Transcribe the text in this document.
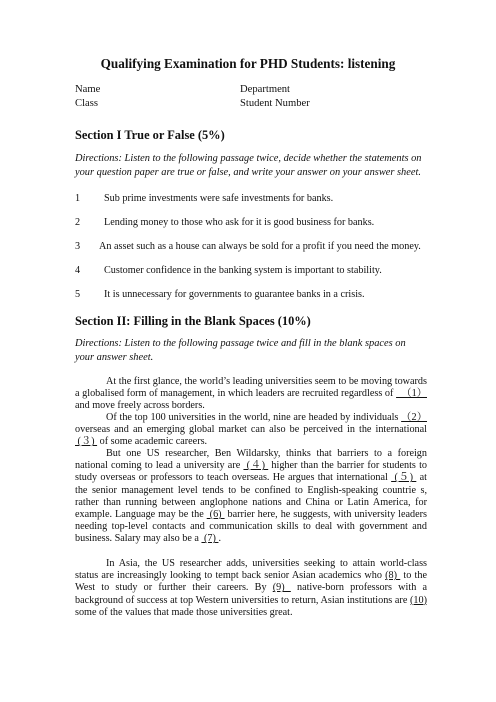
Qualifying Examination for PHD Students: listening
Name	Department
Class	Student Number
Section I True or False (5%)

Directions: Listen to the following passage twice, decide whether the statements on your question paper are true or false, and write your answer on your answer sheet.

1 Sub prime investments were safe investments for banks.
2 Lending money to those who ask for it is good business for banks.
3 An asset such as a house can always be sold for a profit if you need the money.
4 Customer confidence in the banking system is important to stability.
5 It is unnecessary for governments to guarantee banks in a crisis.
Section II: Filling in the Blank Spaces (10%)

Directions: Listen to the following passage twice and fill in the blank spaces on your answer sheet.

At the first glance, the world’s leading universities seem to be moving towards a globalised form of management, in which leaders are recruited regardless of   （1） and move freely across borders.

Of the top 100 universities in the world, nine are headed by individuals （2） overseas and an emerging global market can also be perceived in the international  (３)  of some academic careers.

But one US researcher, Ben Wildarsky, thinks that barriers to a foreign national coming to lead a university are  (４)  higher than the barrier for students to study overseas or professors to teach overseas. He argues that international  (５)  at the senior management level tends to be confined to English-speaking countrie s, rather than running between anglophone nations and China or Latin America, for example. Language may be the  (6)  barrier here, he suggests, with university leaders needing top-level contacts and communication skills to deal with government and business. Salary may also be a  (7) .

In Asia, the US researcher adds, universities seeking to attain world-class status are increasingly looking to tempt back senior Asian academics who (8)  to the West to study or further their careers. By (9)  native-born professors with a background of success at top Western universities to return, Asian institutions are (10) some of the values that made those universities great.
